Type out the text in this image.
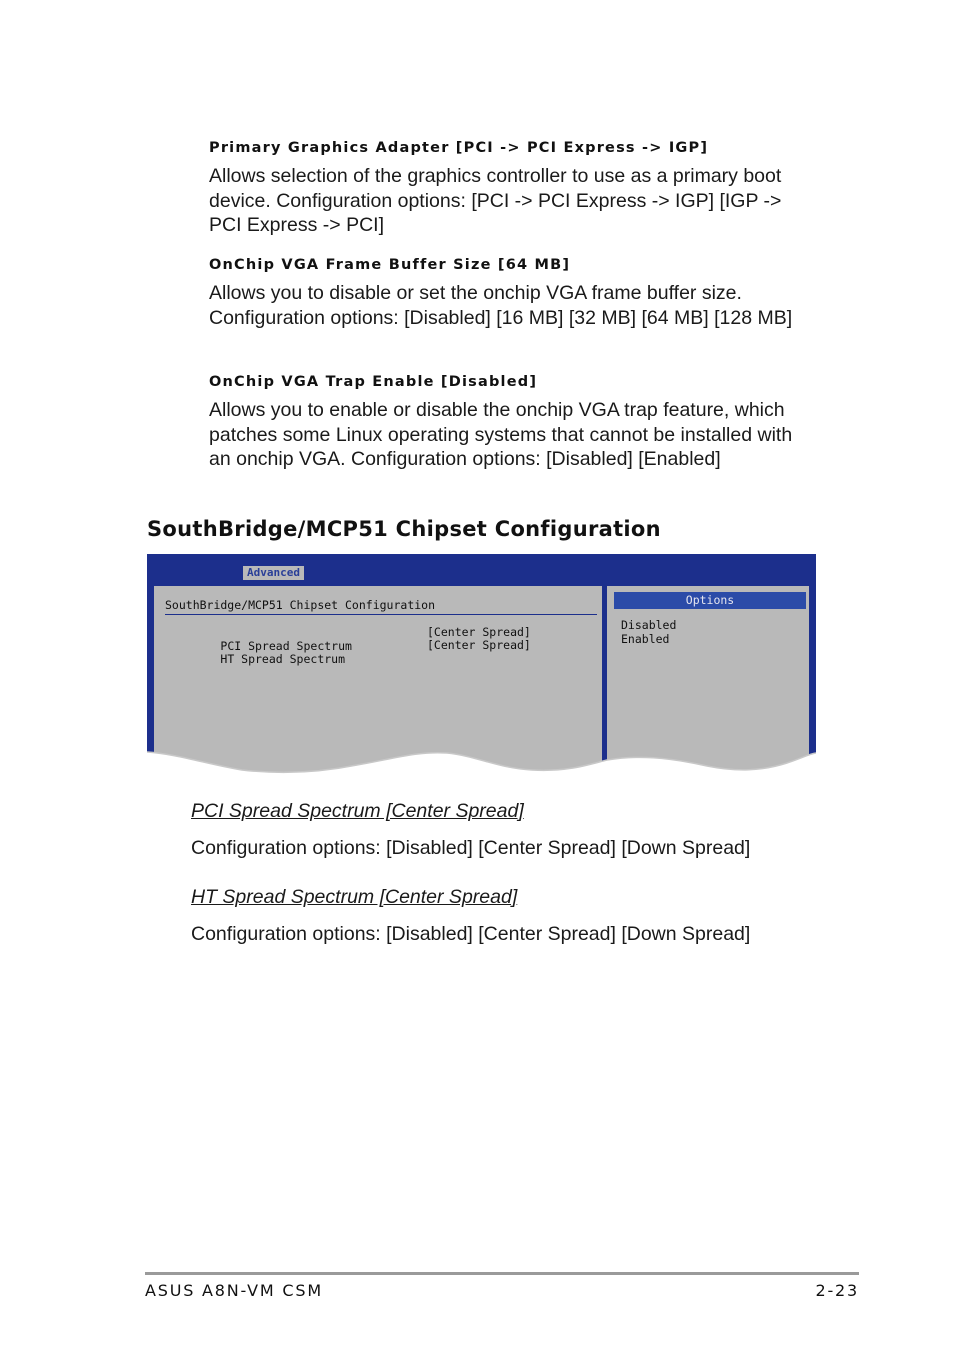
Primary Graphics Adapter [PCI -> PCI Express -> IGP]
Allows selection of the graphics controller to use as a primary boot device. Configuration options: [PCI -> PCI Express -> IGP] [IGP -> PCI Express -> PCI]
OnChip VGA Frame Buffer Size [64 MB]
Allows you to disable or set the onchip VGA frame buffer size. Configuration options: [Disabled] [16 MB] [32 MB] [64 MB] [128 MB]
OnChip VGA Trap Enable [Disabled]
Allows you to enable or disable the onchip VGA trap feature, which patches some Linux operating systems that cannot be installed with an onchip VGA. Configuration options: [Disabled] [Enabled]
SouthBridge/MCP51 Chipset Configuration
Advanced
SouthBridge/MCP51 Chipset Configuration

PCI Spread Spectrum

[Center Spread]

HT Spread Spectrum

[Center Spread]

Options
Disabled
Enabled
PCI Spread Spectrum [Center Spread]
Configuration options: [Disabled] [Center Spread] [Down Spread]
HT Spread Spectrum [Center Spread]
Configuration options: [Disabled] [Center Spread] [Down Spread]
ASUS A8N-VM CSM	2-23
